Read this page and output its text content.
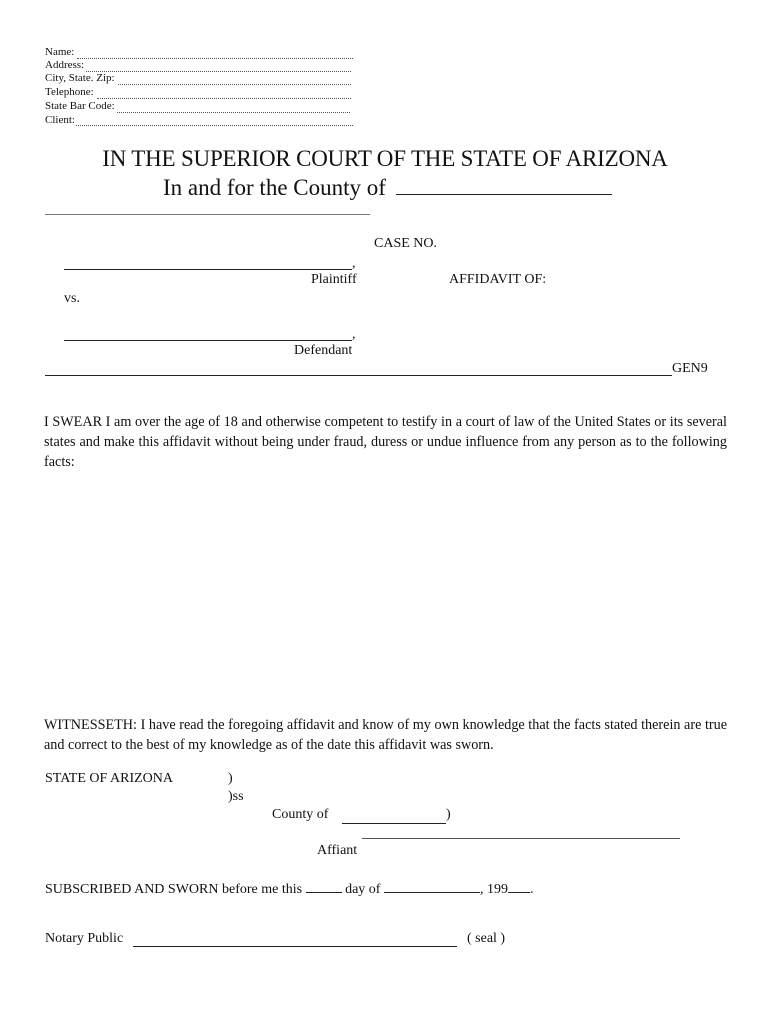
Name:
Address:
City, State. Zip:
Telephone:
State Bar Code:
Client:
IN THE SUPERIOR COURT OF THE STATE OF ARIZONA
In and for the County of
CASE NO.
,
Plaintiff	AFFIDAVIT OF:
vs.
,
Defendant
GEN9
I SWEAR I am over the age of 18 and otherwise competent to testify in a court of law of the United States or its several states and make this affidavit without being under fraud, duress or undue influence from any person as to the following facts:
WITNESSETH: I have read the foregoing affidavit and know of my own knowledge that the facts stated therein are true and correct to the best of my knowledge as of the date this affidavit was sworn.
STATE OF ARIZONA	)
)ss
County of	)
Affiant
SUBSCRIBED AND SWORN before me this	day of	, 199 .
Notary Public	( seal )
